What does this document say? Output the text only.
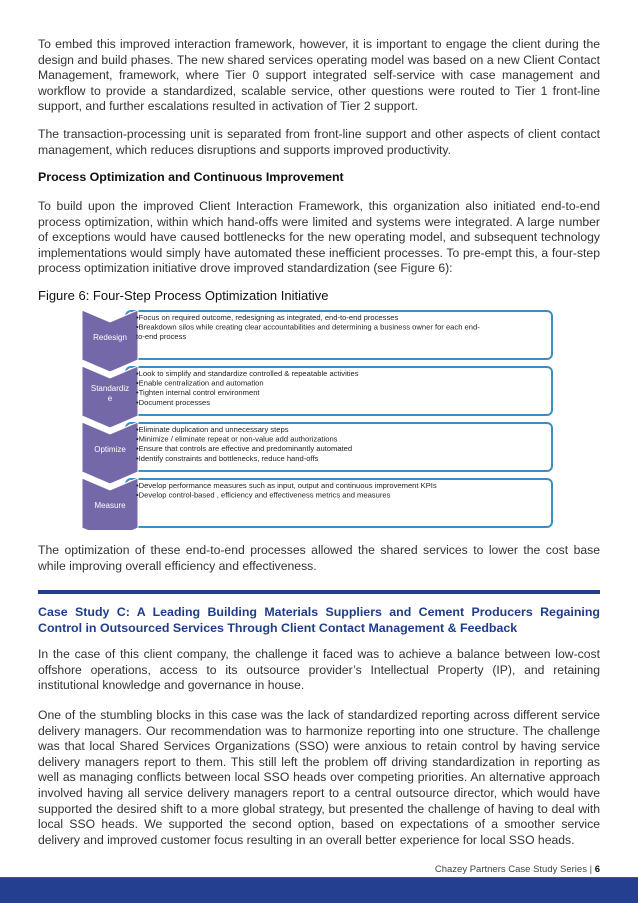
To embed this improved interaction framework, however, it is important to engage the client during the design and build phases. The new shared services operating model was based on a new Client Contact Management, framework, where Tier 0 support integrated self-service with case management and workflow to provide a standardized, scalable service, other questions were routed to Tier 1 front-line support, and further escalations resulted in activation of Tier 2 support.

The transaction-processing unit is separated from front-line support and other aspects of client contact management, which reduces disruptions and supports improved productivity.

Process Optimization and Continuous Improvement

To build upon the improved Client Interaction Framework, this organization also initiated end-to-end process optimization, within which hand-offs were limited and systems were integrated. A large number of exceptions would have caused bottlenecks for the new operating model, and subsequent technology implementations would simply have automated these inefficient processes. To pre-empt this, a four-step process optimization initiative drove improved standardization (see Figure 6):

Figure 6: Four-Step Process Optimization Initiative
Redesign
•Focus on required outcome, redesigning as integrated, end-to-end processes
•Breakdown silos while creating clear accountabilities and determining a business owner for each end-
to-end process
Standardiz
e
•Look to simplify and standardize controlled & repeatable activities
•Enable centralization and automation
•Tighten internal control environment
•Document processes
Optimize
•Eliminate duplication and unnecessary steps
•Minimize / eliminate repeat or non-value add authorizations
•Ensure that controls are effective and predominantly automated
•Identify constraints and bottlenecks, reduce hand-offs
Measure
•Develop performance measures such as input, output and continuous improvement KPIs
•Develop control-based , efficiency and effectiveness metrics and measures

The optimization of these end-to-end processes allowed the shared services to lower the cost base while improving overall efficiency and effectiveness.

Case Study C: A Leading Building Materials Suppliers and Cement Producers Regaining Control in Outsourced Services Through Client Contact Management & Feedback

In the case of this client company, the challenge it faced was to achieve a balance between low-cost offshore operations, access to its outsource provider’s Intellectual Property (IP), and retaining institutional knowledge and governance in house.

One of the stumbling blocks in this case was the lack of standardized reporting across different service delivery managers. Our recommendation was to harmonize reporting into one structure. The challenge was that local Shared Services Organizations (SSO) were anxious to retain control by having service delivery managers report to them. This still left the problem off driving standardization in reporting as well as managing conflicts between local SSO heads over competing priorities. An alternative approach involved having all service delivery managers report to a central outsource director, which would have supported the desired shift to a more global strategy, but presented the challenge of having to deal with local SSO heads. We supported the second option, based on expectations of a smoother service delivery and improved customer focus resulting in an overall better experience for local SSO heads.

Chazey Partners Case Study Series | 6
